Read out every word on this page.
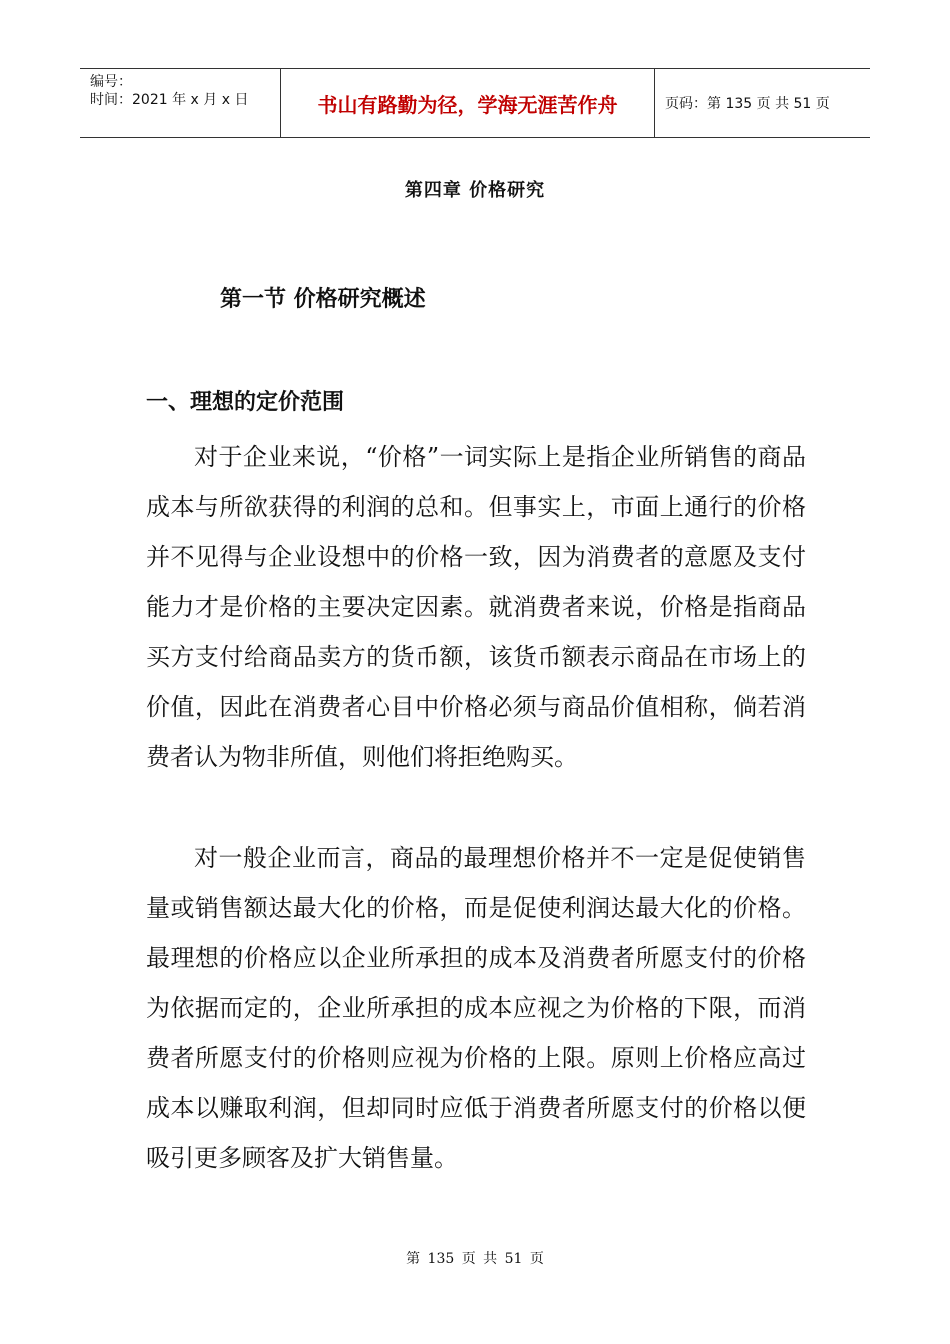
编号：
时间：2021 年 x 月 x 日	书山有路勤为径，学海无涯苦作舟	页码：第 135 页 共 51 页
第四章 价格研究
第一节 价格研究概述
一、理想的定价范围

对于企业来说，“价格”一词实际上是指企业所销售的商品成本与所欲获得的利润的总和。但事实上，市面上通行的价格并不见得与企业设想中的价格一致，因为消费者的意愿及支付能力才是价格的主要决定因素。就消费者来说，价格是指商品买方支付给商品卖方的货币额，该货币额表示商品在市场上的价值，因此在消费者心目中价格必须与商品价值相称，倘若消费者认为物非所值，则他们将拒绝购买。

对一般企业而言，商品的最理想价格并不一定是促使销售量或销售额达最大化的价格，而是促使利润达最大化的价格。最理想的价格应以企业所承担的成本及消费者所愿支付的价格为依据而定的，企业所承担的成本应视之为价格的下限，而消费者所愿支付的价格则应视为价格的上限。原则上价格应高过成本以赚取利润，但却同时应低于消费者所愿支付的价格以便吸引更多顾客及扩大销售量。

第 135 页 共 51 页
